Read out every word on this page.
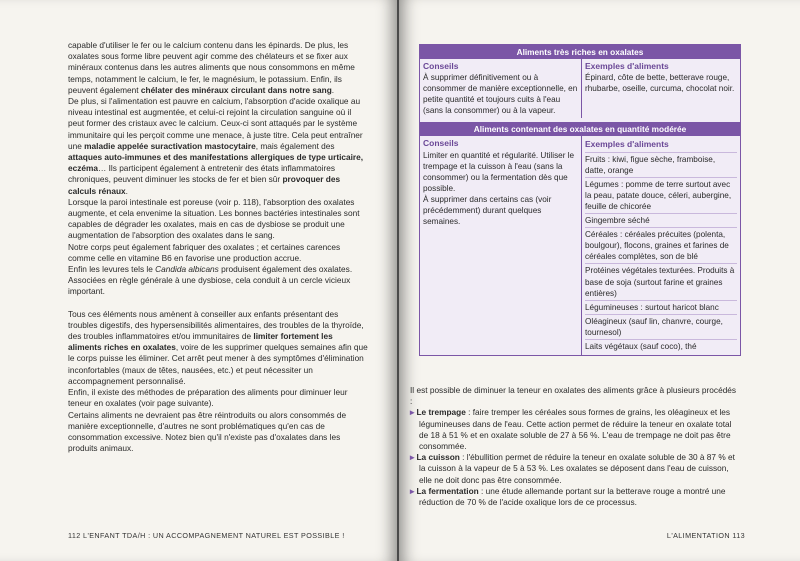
capable d'utiliser le fer ou le calcium contenu dans les épinards. De plus, les oxalates sous forme libre peuvent agir comme des chélateurs et se fixer aux minéraux contenus dans les autres aliments que nous consommons en même temps, notamment le calcium, le fer, le magnésium, le potassium. Enfin, ils peuvent également chélater des minéraux circulant dans notre sang.

De plus, si l'alimentation est pauvre en calcium, l'absorption d'acide oxalique au niveau intestinal est augmentée, et celui-ci rejoint la circulation sanguine où il peut former des cristaux avec le calcium. Ceux-ci sont attaqués par le système immunitaire qui les perçoit comme une menace, à juste titre. Cela peut entraîner une maladie appelée suractivation mastocytaire, mais également des attaques auto-immunes et des manifestations allergiques de type urticaire, eczéma… Ils participent également à entretenir des états inflammatoires chroniques, peuvent diminuer les stocks de fer et bien sûr provoquer des calculs rénaux.

Lorsque la paroi intestinale est poreuse (voir p. 118), l'absorption des oxalates augmente, et cela envenime la situation. Les bonnes bactéries intestinales sont capables de dégrader les oxalates, mais en cas de dysbiose se produit une augmentation de l'absorption des oxalates dans le sang.

Notre corps peut également fabriquer des oxalates ; et certaines carences comme celle en vitamine B6 en favorise une production accrue.

Enfin les levures tels le Candida albicans produisent également des oxalates. Associées en règle générale à une dysbiose, cela conduit à un cercle vicieux important.

Tous ces éléments nous amènent à conseiller aux enfants présentant des troubles digestifs, des hypersensibilités alimentaires, des troubles de la thyroïde, des troubles inflammatoires et/ou immunitaires de limiter fortement les aliments riches en oxalates, voire de les supprimer quelques semaines afin que le corps puisse les éliminer. Cet arrêt peut mener à des symptômes d'élimination inconfortables (maux de têtes, nausées, etc.) et peut nécessiter un accompagnement personnalisé.

Enfin, il existe des méthodes de préparation des aliments pour diminuer leur teneur en oxalates (voir page suivante).

Certains aliments ne devraient pas être réintroduits ou alors consommés de manière exceptionnelle, d'autres ne sont problématiques qu'en cas de consommation excessive. Notez bien qu'il n'existe pas d'oxalates dans les produits animaux.

112 L'ENFANT TDA/H : UN ACCOMPAGNEMENT NATUREL EST POSSIBLE !
Aliments très riches en oxalates
Conseils
À supprimer définitivement ou à consommer de manière exceptionnelle, en petite quantité et toujours cuits à l'eau (sans la consommer) ou à la vapeur.
Exemples d'aliments
Épinard, côte de bette, betterave rouge, rhubarbe, oseille, curcuma, chocolat noir.
Aliments contenant des oxalates en quantité modérée
Conseils
Limiter en quantité et régularité. Utiliser le trempage et la cuisson à l'eau (sans la consommer) ou la fermentation dès que possible.
À supprimer dans certains cas (voir précédemment) durant quelques semaines.
Exemples d'aliments
Fruits : kiwi, figue sèche, framboise, datte, orange
Légumes : pomme de terre surtout avec la peau, patate douce, céleri, aubergine, feuille de chicorée
Gingembre séché
Céréales : céréales précuites (polenta, boulgour), flocons, graines et farines de céréales complètes, son de blé
Protéines végétales texturées. Produits à base de soja (surtout farine et graines entières)
Légumineuses : surtout haricot blanc
Oléagineux (sauf lin, chanvre, courge, tournesol)
Laits végétaux (sauf coco), thé

Il est possible de diminuer la teneur en oxalates des aliments grâce à plusieurs procédés :

▸ Le trempage : faire tremper les céréales sous formes de grains, les oléagineux et les légumineuses dans de l'eau. Cette action permet de réduire la teneur en oxalate total de 18 à 51 % et en oxalate soluble de 27 à 56 %. L'eau de trempage ne doit pas être consommée.

▸ La cuisson : l'ébullition permet de réduire la teneur en oxalate soluble de 30 à 87 % et la cuisson à la vapeur de 5 à 53 %. Les oxalates se déposent dans l'eau de cuisson, elle ne doit donc pas être consommée.

▸ La fermentation : une étude allemande portant sur la betterave rouge a montré une réduction de 70 % de l'acide oxalique lors de ce processus.

L'ALIMENTATION 113
